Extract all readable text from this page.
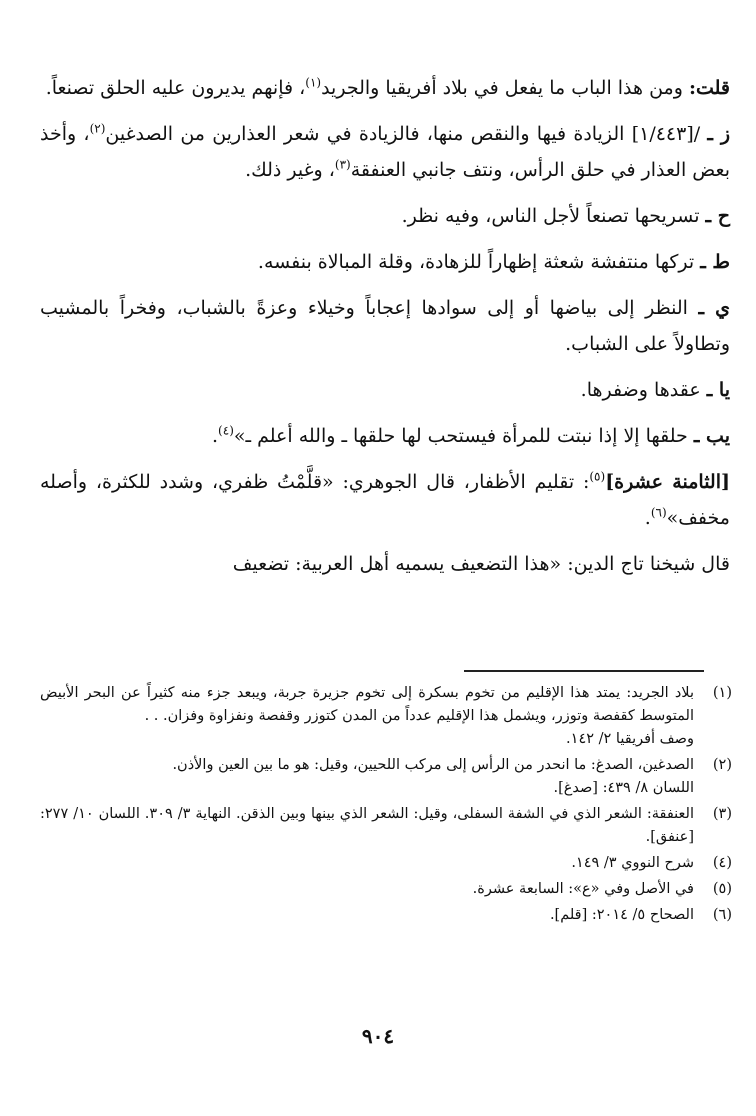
قلت: ومن هذا الباب ما يفعل في بلاد أفريقيا والجريد$^{(١)}$، فإنهم يديرون عليه الحلق تصنعاً.

ز ـ /[١/٤٤٣] الزيادة فيها والنقص منها، فالزيادة في شعر العذارين من الصدغين$^{(٢)}$، وأخذ بعض العذار في حلق الرأس، ونتف جانبي العنفقة$^{(٣)}$، وغير ذلك.

ح ـ تسريحها تصنعاً لأجل الناس، وفيه نظر.

ط ـ تركها منتفشة شعثة إظهاراً للزهادة، وقلة المبالاة بنفسه.

ي ـ النظر إلى بياضها أو إلى سوادها إعجاباً وخيلاء وعزةً بالشباب، وفخراً بالمشيب وتطاولاً على الشباب.

يا ـ عقدها وضفرها.

يب ـ حلقها إلا إذا نبتت للمرأة فيستحب لها حلقها ـ والله أعلم ـ»$^{(٤)}$.

[الثامنة عشرة]$^{(٥)}$: تقليم الأظفار، قال الجوهري: «قلَّمْتُ ظفري، وشدد للكثرة، وأصله مخفف»$^{(٦)}$.

قال شيخنا تاج الدين: «هذا التضعيف يسميه أهل العربية: تضعيف

(١)
بلاد الجريد: يمتد هذا الإقليم من تخوم بسكرة إلى تخوم جزيرة جربة، ويبعد جزء منه كثيراً عن البحر الأبيض المتوسط كقفصة وتوزر، ويشمل هذا الإقليم عدداً من المدن كتوزر وقفصة ونفزاوة وفزان. . .
وصف أفريقيا ٢/ ١٤٢.
(٢)
الصدغين، الصدغ: ما انحدر من الرأس إلى مركب اللحيين، وقيل: هو ما بين العين والأذن.
اللسان ٨/ ٤٣٩: [صدغ].
(٣)
العنفقة: الشعر الذي في الشفة السفلى، وقيل: الشعر الذي بينها وبين الذقن. النهاية ٣/ ٣٠٩. اللسان ١٠/ ٢٧٧: [عنفق].
(٤)
شرح النووي ٣/ ١٤٩.
(٥)
في الأصل وفي «ع»: السابعة عشرة.
(٦)
الصحاح ٥/ ٢٠١٤: [قلم].
٩٠٤
